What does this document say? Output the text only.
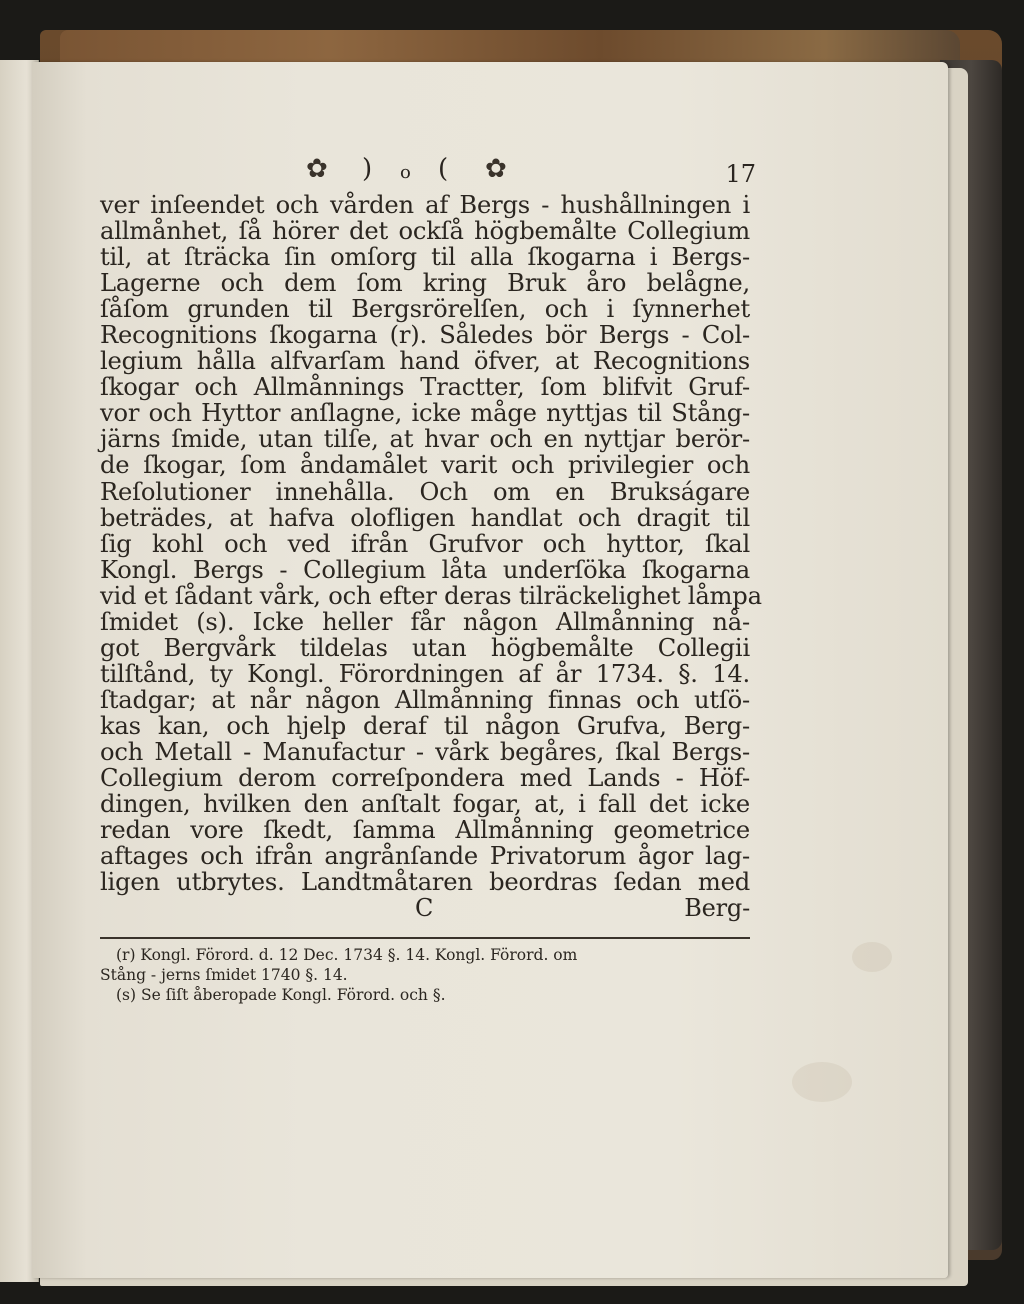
✿ ) o ( ✿	17
ver inſeendet och vården af Bergs - hushållningen i
allmånhet, ſå hörer det ockſå högbemålte Collegium
til, at ſträcka ſin omſorg til alla ſkogarna i Bergs-
Lagerne och dem ſom kring Bruk åro belågne,
ſåſom grunden til Bergsrörelſen, och i ſynnerhet
Recognitions ſkogarna (r). Således bör Bergs - Col-
legium hålla alfvarſam hand öfver, at Recognitions
ſkogar och Allmånnings Tractter, ſom blifvit Gruf-
vor och Hyttor anſlagne, icke måge nyttjas til Stång-
järns ſmide, utan tilſe, at hvar och en nyttjar berör-
de ſkogar, ſom åndamålet varit och privilegier och
Reſolutioner innehålla. Och om en Brukságare
beträdes, at hafva olofligen handlat och dragit til
ſig kohl och ved ifrån Grufvor och hyttor, ſkal
Kongl. Bergs - Collegium låta underſöka ſkogarna
vid et ſådant vårk, och efter deras tilräckelighet låmpa
ſmidet (s). Icke heller får någon Allmånning nå-
got Bergvårk tildelas utan högbemålte Collegii
tilſtånd, ty Kongl. Förordningen af år 1734. §. 14.
ſtadgar; at når någon Allmånning finnas och utſö-
kas kan, och hjelp deraf til någon Grufva, Berg-
och Metall - Manufactur - vårk begåres, ſkal Bergs-
Collegium derom correſpondera med Lands - Höf-
dingen, hvilken den anſtalt fogar, at, i fall det icke
redan vore ſkedt, ſamma Allmånning geometrice
aftages och ifrån angrånſande Privatorum ågor lag-
ligen utbrytes. Landtmåtaren beordras ſedan med
C	Berg-
(r) Kongl. Förord. d. 12 Dec. 1734 §. 14. Kongl. Förord. om
Stång - jerns ſmidet 1740 §. 14.
(s) Se ſiſt åberopade Kongl. Förord. och §.
